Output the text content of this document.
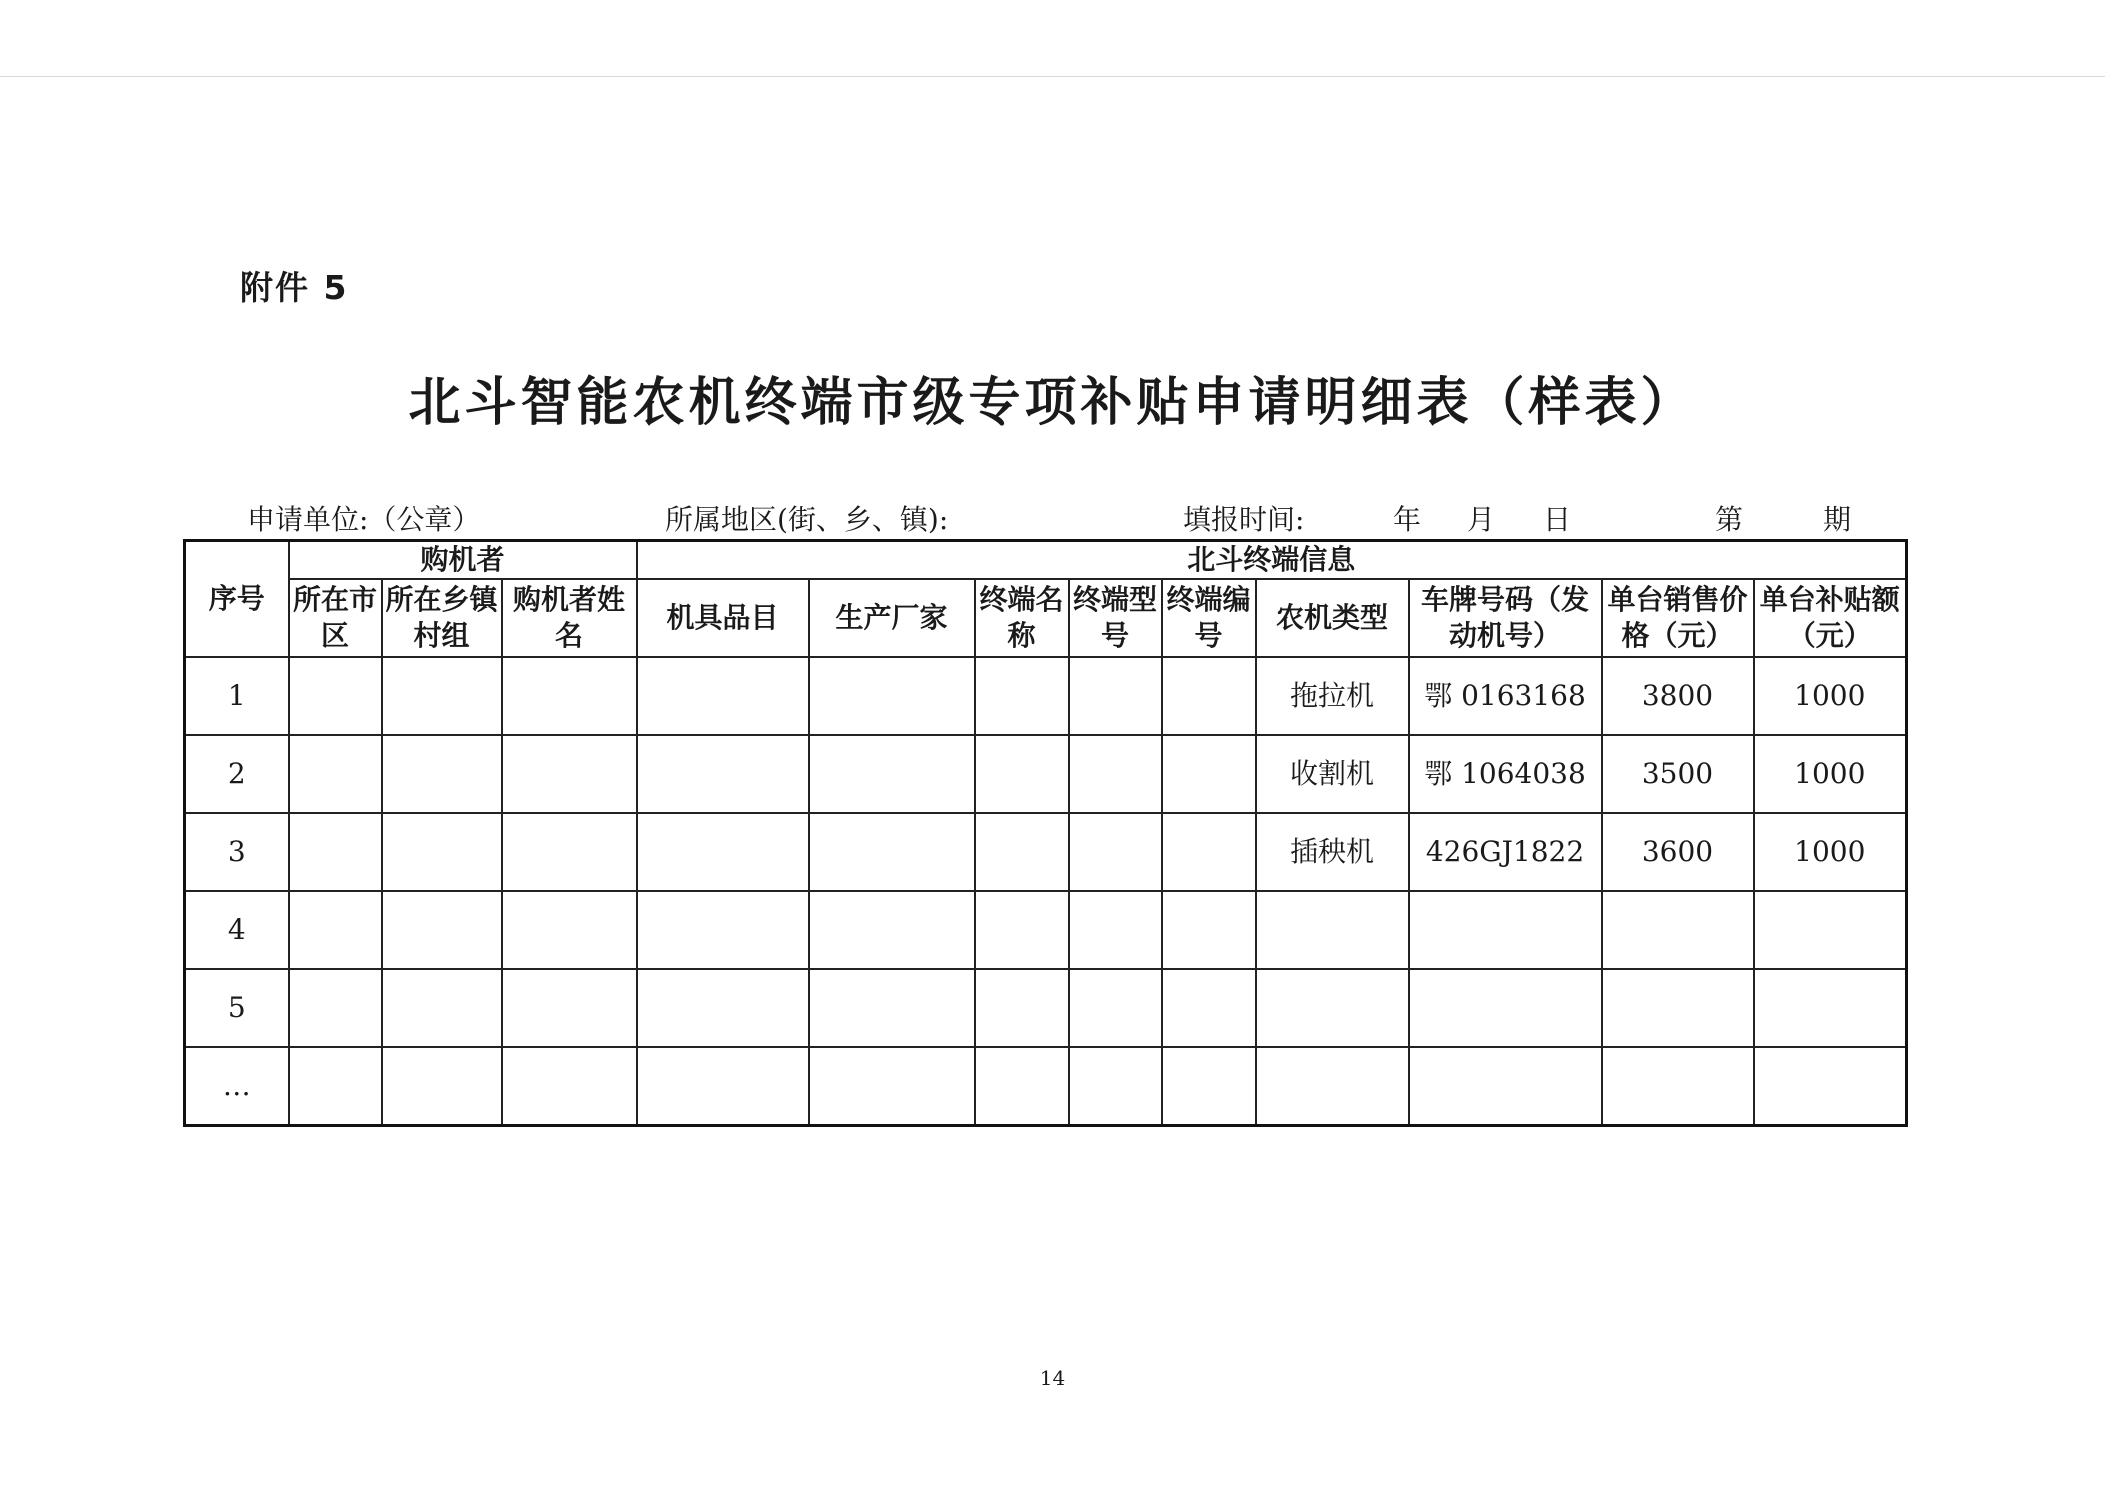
附件 5
北斗智能农机终端市级专项补贴申请明细表（样表）
申请单位:（公章）	所属地区(街、乡、镇):	填报时间:	年 月 日	第	期
序号	购机者			北斗终端信息								
	所在市区	所在乡镇村组	购机者姓 名	机具品目	生产厂家	终端名称	终端型号	终端编号	农机类型	车牌号码（发动机号）	单台销售价格（元）	单台补贴额（元）
1									拖拉机	鄂 0163168	3800	1000
2									收割机	鄂 1064038	3500	1000
3									插秧机	426GJ1822	3600	1000
4												
5												
…												
14
